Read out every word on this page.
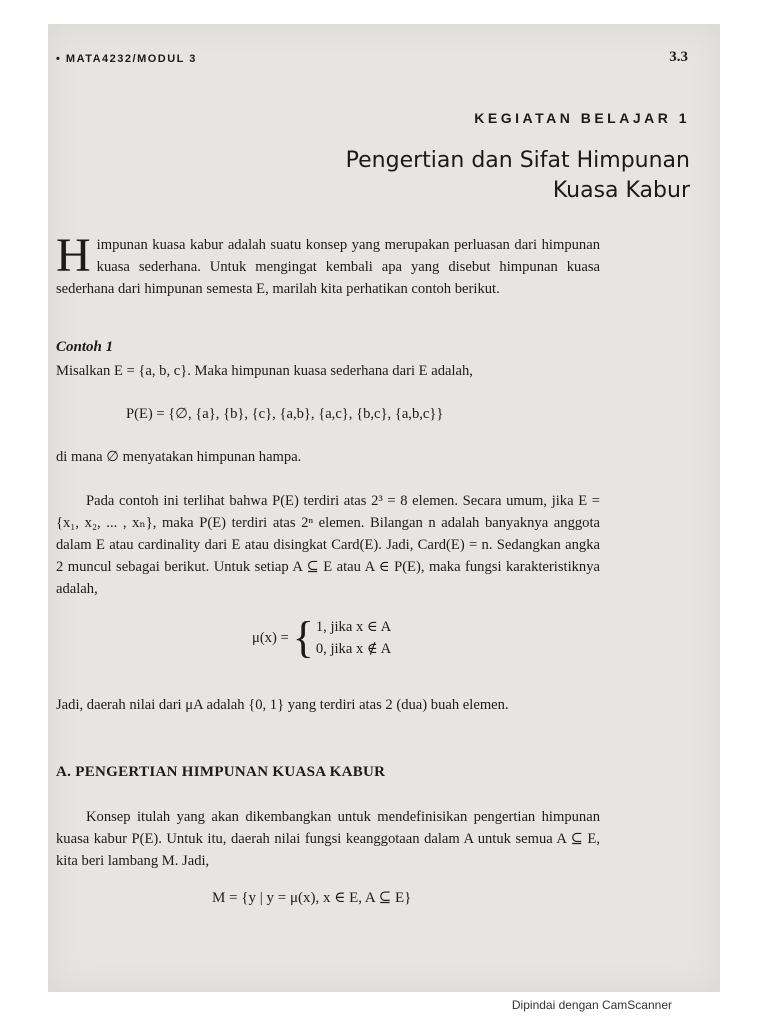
• MATA4232/MODUL 3	3.3
KEGIATAN BELAJAR 1
Pengertian dan Sifat Himpunan
Kuasa Kabur
H impunan kuasa kabur adalah suatu konsep yang merupakan perluasan dari himpunan kuasa sederhana. Untuk mengingat kembali apa yang disebut himpunan kuasa sederhana dari himpunan semesta E, marilah kita perhatikan contoh berikut.
Contoh 1
Misalkan E = {a, b, c}. Maka himpunan kuasa sederhana dari E adalah,
P(E) = {∅, {a}, {b}, {c}, {a,b}, {a,c}, {b,c}, {a,b,c}}
di mana ∅ menyatakan himpunan hampa.
Pada contoh ini terlihat bahwa P(E) terdiri atas 2³ = 8 elemen. Secara umum, jika E = {x₁, x₂, ... , xₙ}, maka P(E) terdiri atas 2ⁿ elemen. Bilangan n adalah banyaknya anggota dalam E atau cardinality dari E atau disingkat Card(E). Jadi, Card(E) = n. Sedangkan angka 2 muncul sebagai berikut. Untuk setiap A ⊆ E atau A ∈ P(E), maka fungsi karakteristiknya adalah,
μ(x) = { 1, jika x ∈ A
0, jika x ∉ A
Jadi, daerah nilai dari μA adalah {0, 1} yang terdiri atas 2 (dua) buah elemen.
A. PENGERTIAN HIMPUNAN KUASA KABUR
Konsep itulah yang akan dikembangkan untuk mendefinisikan pengertian himpunan kuasa kabur P(E). Untuk itu, daerah nilai fungsi keanggotaan dalam A untuk semua A ⊆ E, kita beri lambang M. Jadi,
M = {y | y = μ(x), x ∈ E, A ⊆ E}
Dipindai dengan CamScanner
